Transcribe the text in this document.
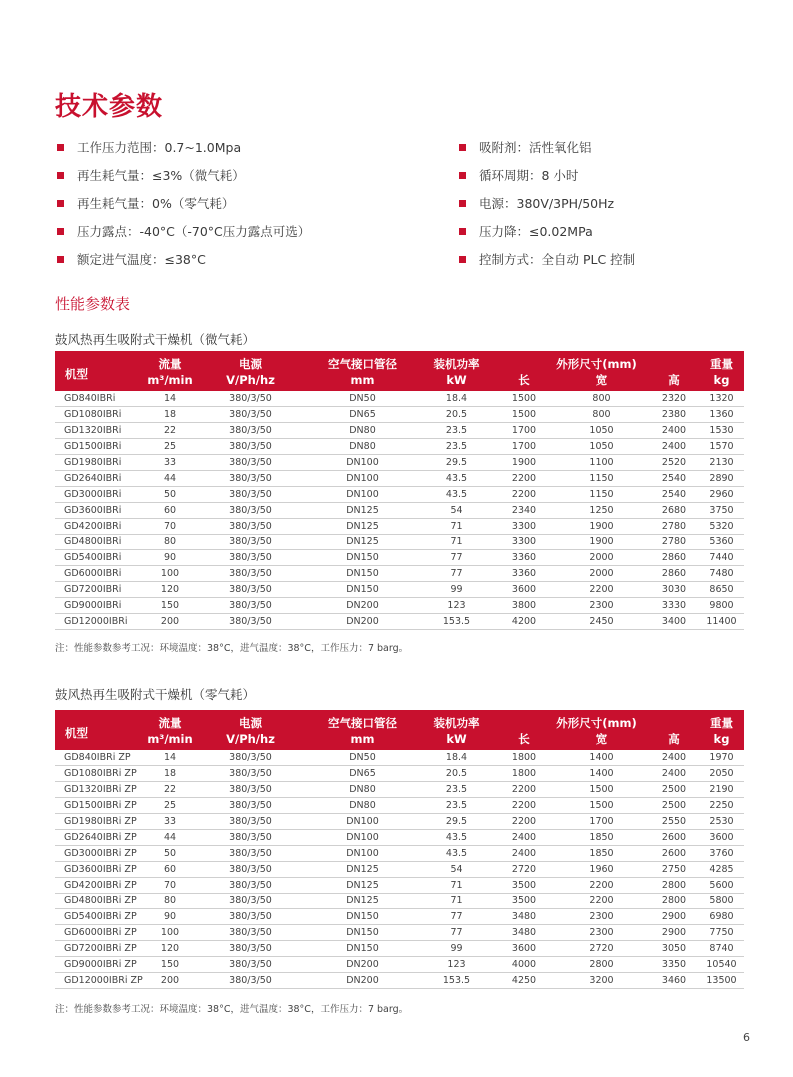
技术参数
工作压力范围：0.7~1.0Mpa
再生耗气量：≤3%（微气耗）
再生耗气量：0%（零气耗）
压力露点：-40°C（-70°C压力露点可选）
额定进气温度：≤38°C
吸附剂：活性氧化铝
循环周期：8 小时
电源：380V/3PH/50Hz
压力降：≤0.02MPa
控制方式：全自动 PLC 控制
性能参数表
鼓风热再生吸附式干燥机（微气耗）
机型	流量	电源	空气接口管径	装机功率	外形尺寸(mm)			重量
	m³/min	V/Ph/hz	mm	kW	长	宽	高	kg
GD840IBRi	14	380/3/50	DN50	18.4	1500	800	2320	1320
GD1080IBRi	18	380/3/50	DN65	20.5	1500	800	2380	1360
GD1320IBRi	22	380/3/50	DN80	23.5	1700	1050	2400	1530
GD1500IBRi	25	380/3/50	DN80	23.5	1700	1050	2400	1570
GD1980IBRi	33	380/3/50	DN100	29.5	1900	1100	2520	2130
GD2640IBRi	44	380/3/50	DN100	43.5	2200	1150	2540	2890
GD3000IBRi	50	380/3/50	DN100	43.5	2200	1150	2540	2960
GD3600IBRi	60	380/3/50	DN125	54	2340	1250	2680	3750
GD4200IBRi	70	380/3/50	DN125	71	3300	1900	2780	5320
GD4800IBRi	80	380/3/50	DN125	71	3300	1900	2780	5360
GD5400IBRi	90	380/3/50	DN150	77	3360	2000	2860	7440
GD6000IBRi	100	380/3/50	DN150	77	3360	2000	2860	7480
GD7200IBRi	120	380/3/50	DN150	99	3600	2200	3030	8650
GD9000IBRi	150	380/3/50	DN200	123	3800	2300	3330	9800
GD12000IBRi	200	380/3/50	DN200	153.5	4200	2450	3400	11400
注：性能参数参考工况：环境温度：38°C，进气温度：38°C，工作压力：7 barg。
鼓风热再生吸附式干燥机（零气耗）
机型	流量	电源	空气接口管径	装机功率	外形尺寸(mm)			重量
	m³/min	V/Ph/hz	mm	kW	长	宽	高	kg
GD840IBRi ZP	14	380/3/50	DN50	18.4	1800	1400	2400	1970
GD1080IBRi ZP	18	380/3/50	DN65	20.5	1800	1400	2400	2050
GD1320IBRi ZP	22	380/3/50	DN80	23.5	2200	1500	2500	2190
GD1500IBRi ZP	25	380/3/50	DN80	23.5	2200	1500	2500	2250
GD1980IBRi ZP	33	380/3/50	DN100	29.5	2200	1700	2550	2530
GD2640IBRi ZP	44	380/3/50	DN100	43.5	2400	1850	2600	3600
GD3000IBRi ZP	50	380/3/50	DN100	43.5	2400	1850	2600	3760
GD3600IBRi ZP	60	380/3/50	DN125	54	2720	1960	2750	4285
GD4200IBRi ZP	70	380/3/50	DN125	71	3500	2200	2800	5600
GD4800IBRi ZP	80	380/3/50	DN125	71	3500	2200	2800	5800
GD5400IBRi ZP	90	380/3/50	DN150	77	3480	2300	2900	6980
GD6000IBRi ZP	100	380/3/50	DN150	77	3480	2300	2900	7750
GD7200IBRi ZP	120	380/3/50	DN150	99	3600	2720	3050	8740
GD9000IBRi ZP	150	380/3/50	DN200	123	4000	2800	3350	10540
GD12000IBRi ZP	200	380/3/50	DN200	153.5	4250	3200	3460	13500
注：性能参数参考工况：环境温度：38°C，进气温度：38°C，工作压力：7 barg。
6
